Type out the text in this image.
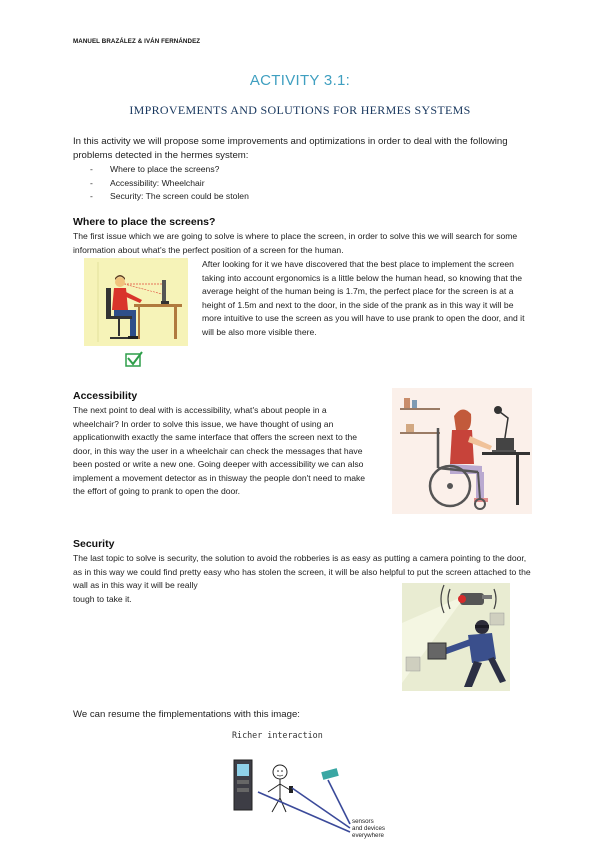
MANUEL BRAZÁLEZ & IVÁN FERNÁNDEZ
ACTIVITY 3.1:
IMPROVEMENTS AND SOLUTIONS FOR HERMES SYSTEMS
In this activity we will propose some improvements and optimizations in order to deal with the following problems detected in the hermes system:
- Where to place the screens?
- Accessibility: Wheelchair
- Security: The screen could be stolen
Where to place the screens?
The first issue which we are going to solve is where to place the screen, in order to solve this we will search for some information about what's the perfect position of a screen for the human.
After looking for it we have discovered that the best place to implement the screen taking into account ergonomics is a little below the human head, so knowing that the average height of the human being is 1.7m, the perfect place for the screen is at a height of 1.5m and next to the door, in the side of the prank as in this way it will be more intuitive to use the screen as you will have to use prank to open the door, and it will be also more visible there.
Accessibility
The next point to deal with is accessibility, what's about people in a wheelchair? In order to solve this issue, we have thought of using an applicationwith exactly the same interface that offers the screen next to the door, in this way the user in a wheelchair can check the messages that have been posted or write a new one. Going deeper with accessibility we can also implement a movement detector as in thisway the people don't need to make the effort of going to prank to open the door.
Security
The last topic to solve is security, the solution to avoid the robberies is as easy as putting a camera pointing to the door, as in this way we could find pretty easy who has stolen the screen, it will be also helpful to put the screen attached to the wall as in this way it will be really
tough to take it.
We can resume the fimplementations with this image:
Richer interaction
sensors
and devices
everywhere
